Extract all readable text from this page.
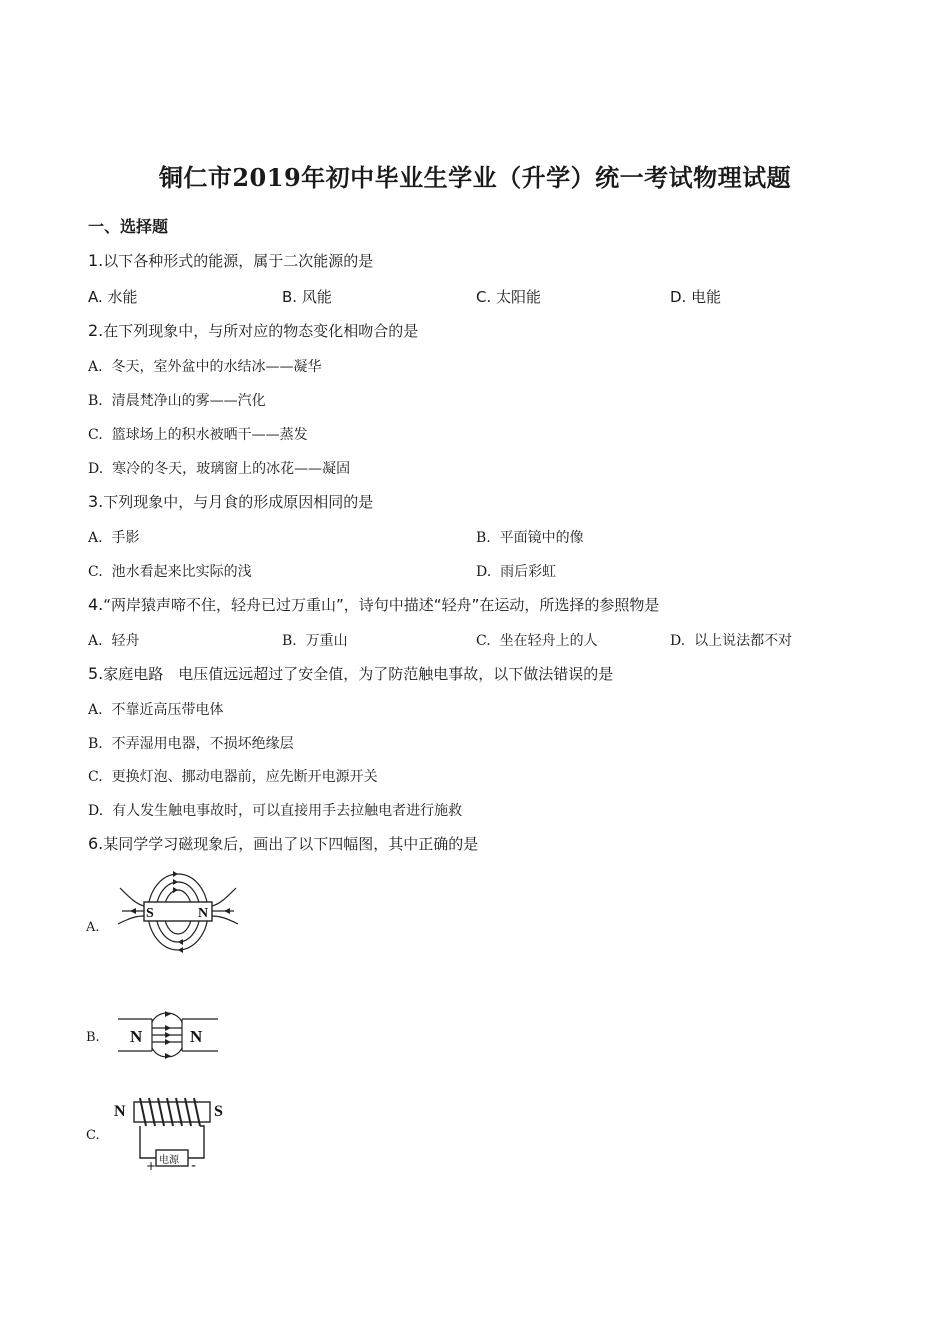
铜仁市2019年初中毕业生学业（升学）统一考试物理试题
一、选择题
1.以下各种形式的能源，属于二次能源的是
A. 水能	B. 风能	C. 太阳能	D. 电能
2.在下列现象中，与所对应的物态变化相吻合的是
A. 冬天，室外盆中的水结冰——凝华
B. 清晨梵净山的雾——汽化
C. 篮球场上的积水被晒干——蒸发
D. 寒冷的冬天，玻璃窗上的冰花——凝固
3.下列现象中，与月食的形成原因相同的是
A. 手影	B. 平面镜中的像
C. 池水看起来比实际的浅	D. 雨后彩虹
4.“两岸猿声啼不住，轻舟已过万重山”，诗句中描述“轻舟”在运动，所选择的参照物是
A. 轻舟	B. 万重山	C. 坐在轻舟上的人	D. 以上说法都不对
5.家庭电路　电压值远远超过了安全值，为了防范触电事故，以下做法错误的是
A. 不靠近高压带电体
B. 不弄湿用电器，不损坏绝缘层
C. 更换灯泡、挪动电器前，应先断开电源开关
D. 有人发生触电事故时，可以直接用手去拉触电者进行施救
6.某同学学习磁现象后，画出了以下四幅图，其中正确的是
A.
S	N
B. N	N
C.
N	S
电源
+ -
